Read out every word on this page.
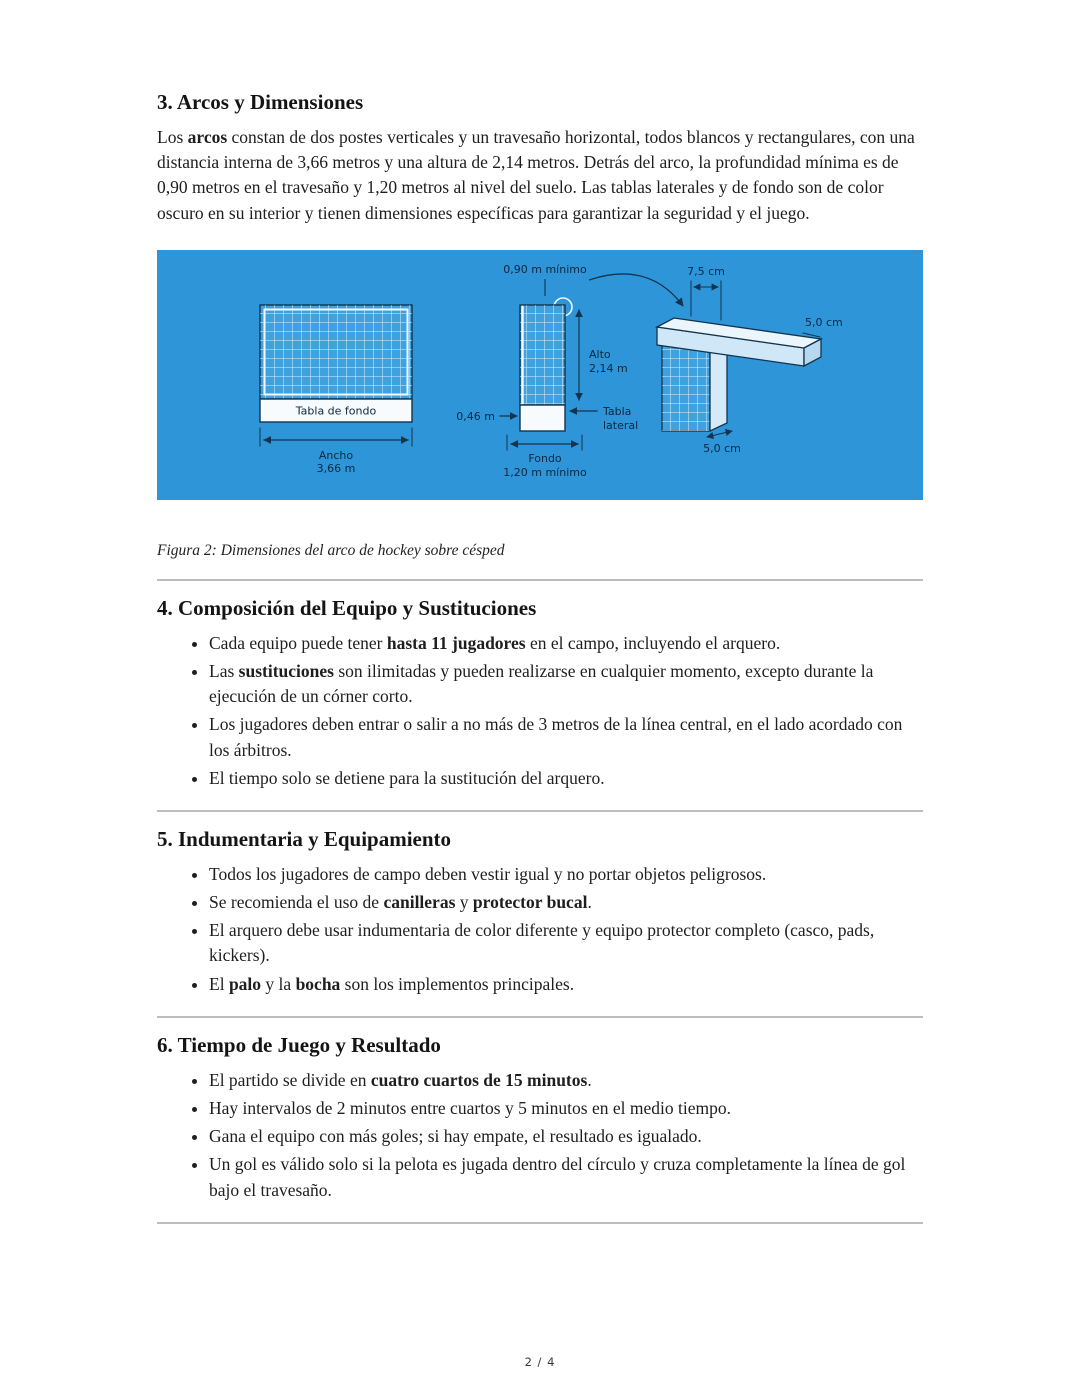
3. Arcos y Dimensiones

Los arcos constan de dos postes verticales y un travesaño horizontal, todos blancos y rectangulares, con una distancia interna de 3,66 metros y una altura de 2,14 metros. Detrás del arco, la profundidad mínima es de 0,90 metros en el travesaño y 1,20 metros al nivel del suelo. Las tablas laterales y de fondo son de color oscuro en su interior y tienen dimensiones específicas para garantizar la seguridad y el juego.

Tabla de fondo
Ancho
3,66 m
0,90 m mínimo
Alto
2,14 m
0,46 m	Tabla
lateral
Fondo
1,20 m mínimo
7,5 cm
5,0 cm
5,0 cm

Figura 2: Dimensiones del arco de hockey sobre césped

4. Composición del Equipo y Sustituciones
• Cada equipo puede tener hasta 11 jugadores en el campo, incluyendo el arquero.
• Las sustituciones son ilimitadas y pueden realizarse en cualquier momento, excepto durante la ejecución de un córner corto.
• Los jugadores deben entrar o salir a no más de 3 metros de la línea central, en el lado acordado con los árbitros.
• El tiempo solo se detiene para la sustitución del arquero.
5. Indumentaria y Equipamiento
• Todos los jugadores de campo deben vestir igual y no portar objetos peligrosos.
• Se recomienda el uso de canilleras y protector bucal.
• El arquero debe usar indumentaria de color diferente y equipo protector completo (casco, pads, kickers).
• El palo y la bocha son los implementos principales.
6. Tiempo de Juego y Resultado
• El partido se divide en cuatro cuartos de 15 minutos.
• Hay intervalos de 2 minutos entre cuartos y 5 minutos en el medio tiempo.
• Gana el equipo con más goles; si hay empate, el resultado es igualado.
• Un gol es válido solo si la pelota es jugada dentro del círculo y cruza completamente la línea de gol bajo el travesaño.
2 / 4
